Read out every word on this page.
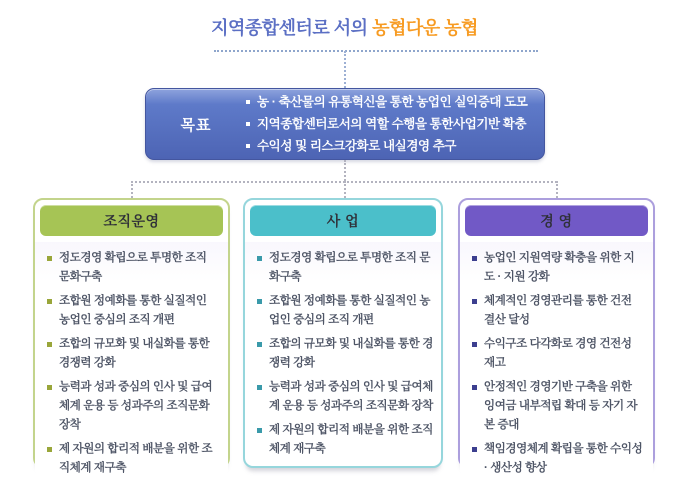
지역종합센터로 서의 농협다운 농협
목표
농 · 축산물의 유통혁신을 통한 농업인 실익증대 도모
지역종합센터로서의 역할 수행을 통한사업기반 확충
수익성 및 리스크강화로 내실경영 추구
조직운영
정도경영 확립으로 투명한 조직 문화구축
조합원 정예화를 통한 실질적인 농업인 중심의 조직 개편
조합의 규모화 및 내실화를 통한 경쟁력 강화
능력과 성과 중심의 인사 및 급여체계 운용 등 성과주의 조직문화 장착
제 자원의 합리적 배분을 위한 조직체계 재구축
사 업
정도경영 확립으로 투명한 조직 문화구축
조합원 정예화를 통한 실질적인 농업인 중심의 조직 개편
조합의 규모화 및 내실화를 통한 경쟁력 강화
능력과 성과 중심의 인사 및 급여체계 운용 등 성과주의 조직문화 장착
제 자원의 합리적 배분을 위한 조직체계 재구축
경 영
농업인 지원역량 확충을 위한 지도 · 지원 강화
체계적인 경영관리를 통한 건전 결산 달성
수익구조 다각화로 경영 건전성 재고
안정적인 경영기반 구축을 위한 잉여금 내부적립 확대 등 자기 자본 증대
책임경영체계 확립을 통한 수익성 · 생산성 향상
